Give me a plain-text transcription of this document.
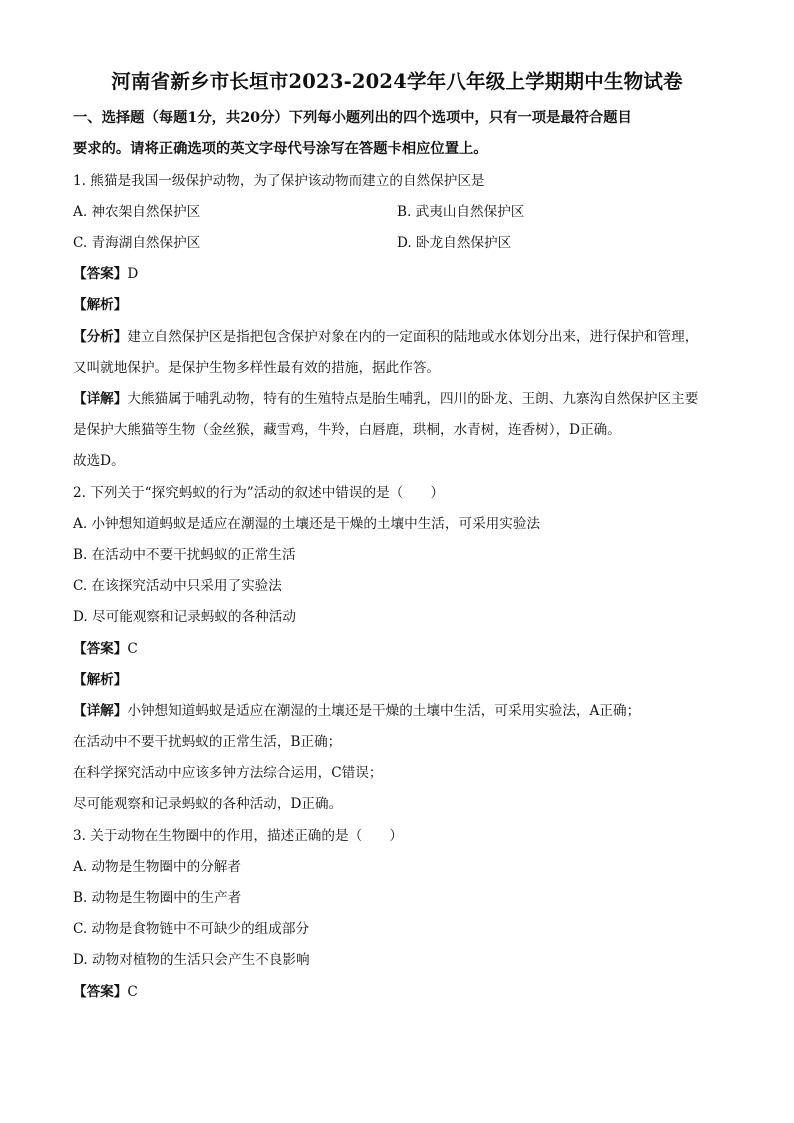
河南省新乡市长垣市2023-2024学年八年级上学期期中生物试卷
一、选择题（每题1分，共20分）下列每小题列出的四个选项中，只有一项是最符合题目
要求的。请将正确选项的英文字母代号涂写在答题卡相应位置上。
1. 熊猫是我国一级保护动物，为了保护该动物而建立的自然保护区是
A. 神农架自然保护区	B. 武夷山自然保护区
C. 青海湖自然保护区	D. 卧龙自然保护区
【答案】D
【解析】
【分析】建立自然保护区是指把包含保护对象在内的一定面积的陆地或水体划分出来，进行保护和管理，
又叫就地保护。是保护生物多样性最有效的措施，据此作答。
【详解】大熊猫属于哺乳动物，特有的生殖特点是胎生哺乳，四川的卧龙、王朗、九寨沟自然保护区主要
是保护大熊猫等生物（金丝猴，藏雪鸡，牛羚，白唇鹿，珙桐，水青树，连香树），D正确。
故选D。
2. 下列关于“探究蚂蚁的行为”活动的叙述中错误的是（　　）
A. 小钟想知道蚂蚁是适应在潮湿的土壤还是干燥的土壤中生活，可采用实验法
B. 在活动中不要干扰蚂蚁的正常生活
C. 在该探究活动中只采用了实验法
D. 尽可能观察和记录蚂蚁的各种活动
【答案】C
【解析】
【详解】小钟想知道蚂蚁是适应在潮湿的土壤还是干燥的土壤中生活，可采用实验法，A正确；
在活动中不要干扰蚂蚁的正常生活，B正确；
在科学探究活动中应该多钟方法综合运用，C错误；
尽可能观察和记录蚂蚁的各种活动，D正确。
3. 关于动物在生物圈中的作用，描述正确的是（　　）
A. 动物是生物圈中的分解者
B. 动物是生物圈中的生产者
C. 动物是食物链中不可缺少的组成部分
D. 动物对植物的生活只会产生不良影响
【答案】C
